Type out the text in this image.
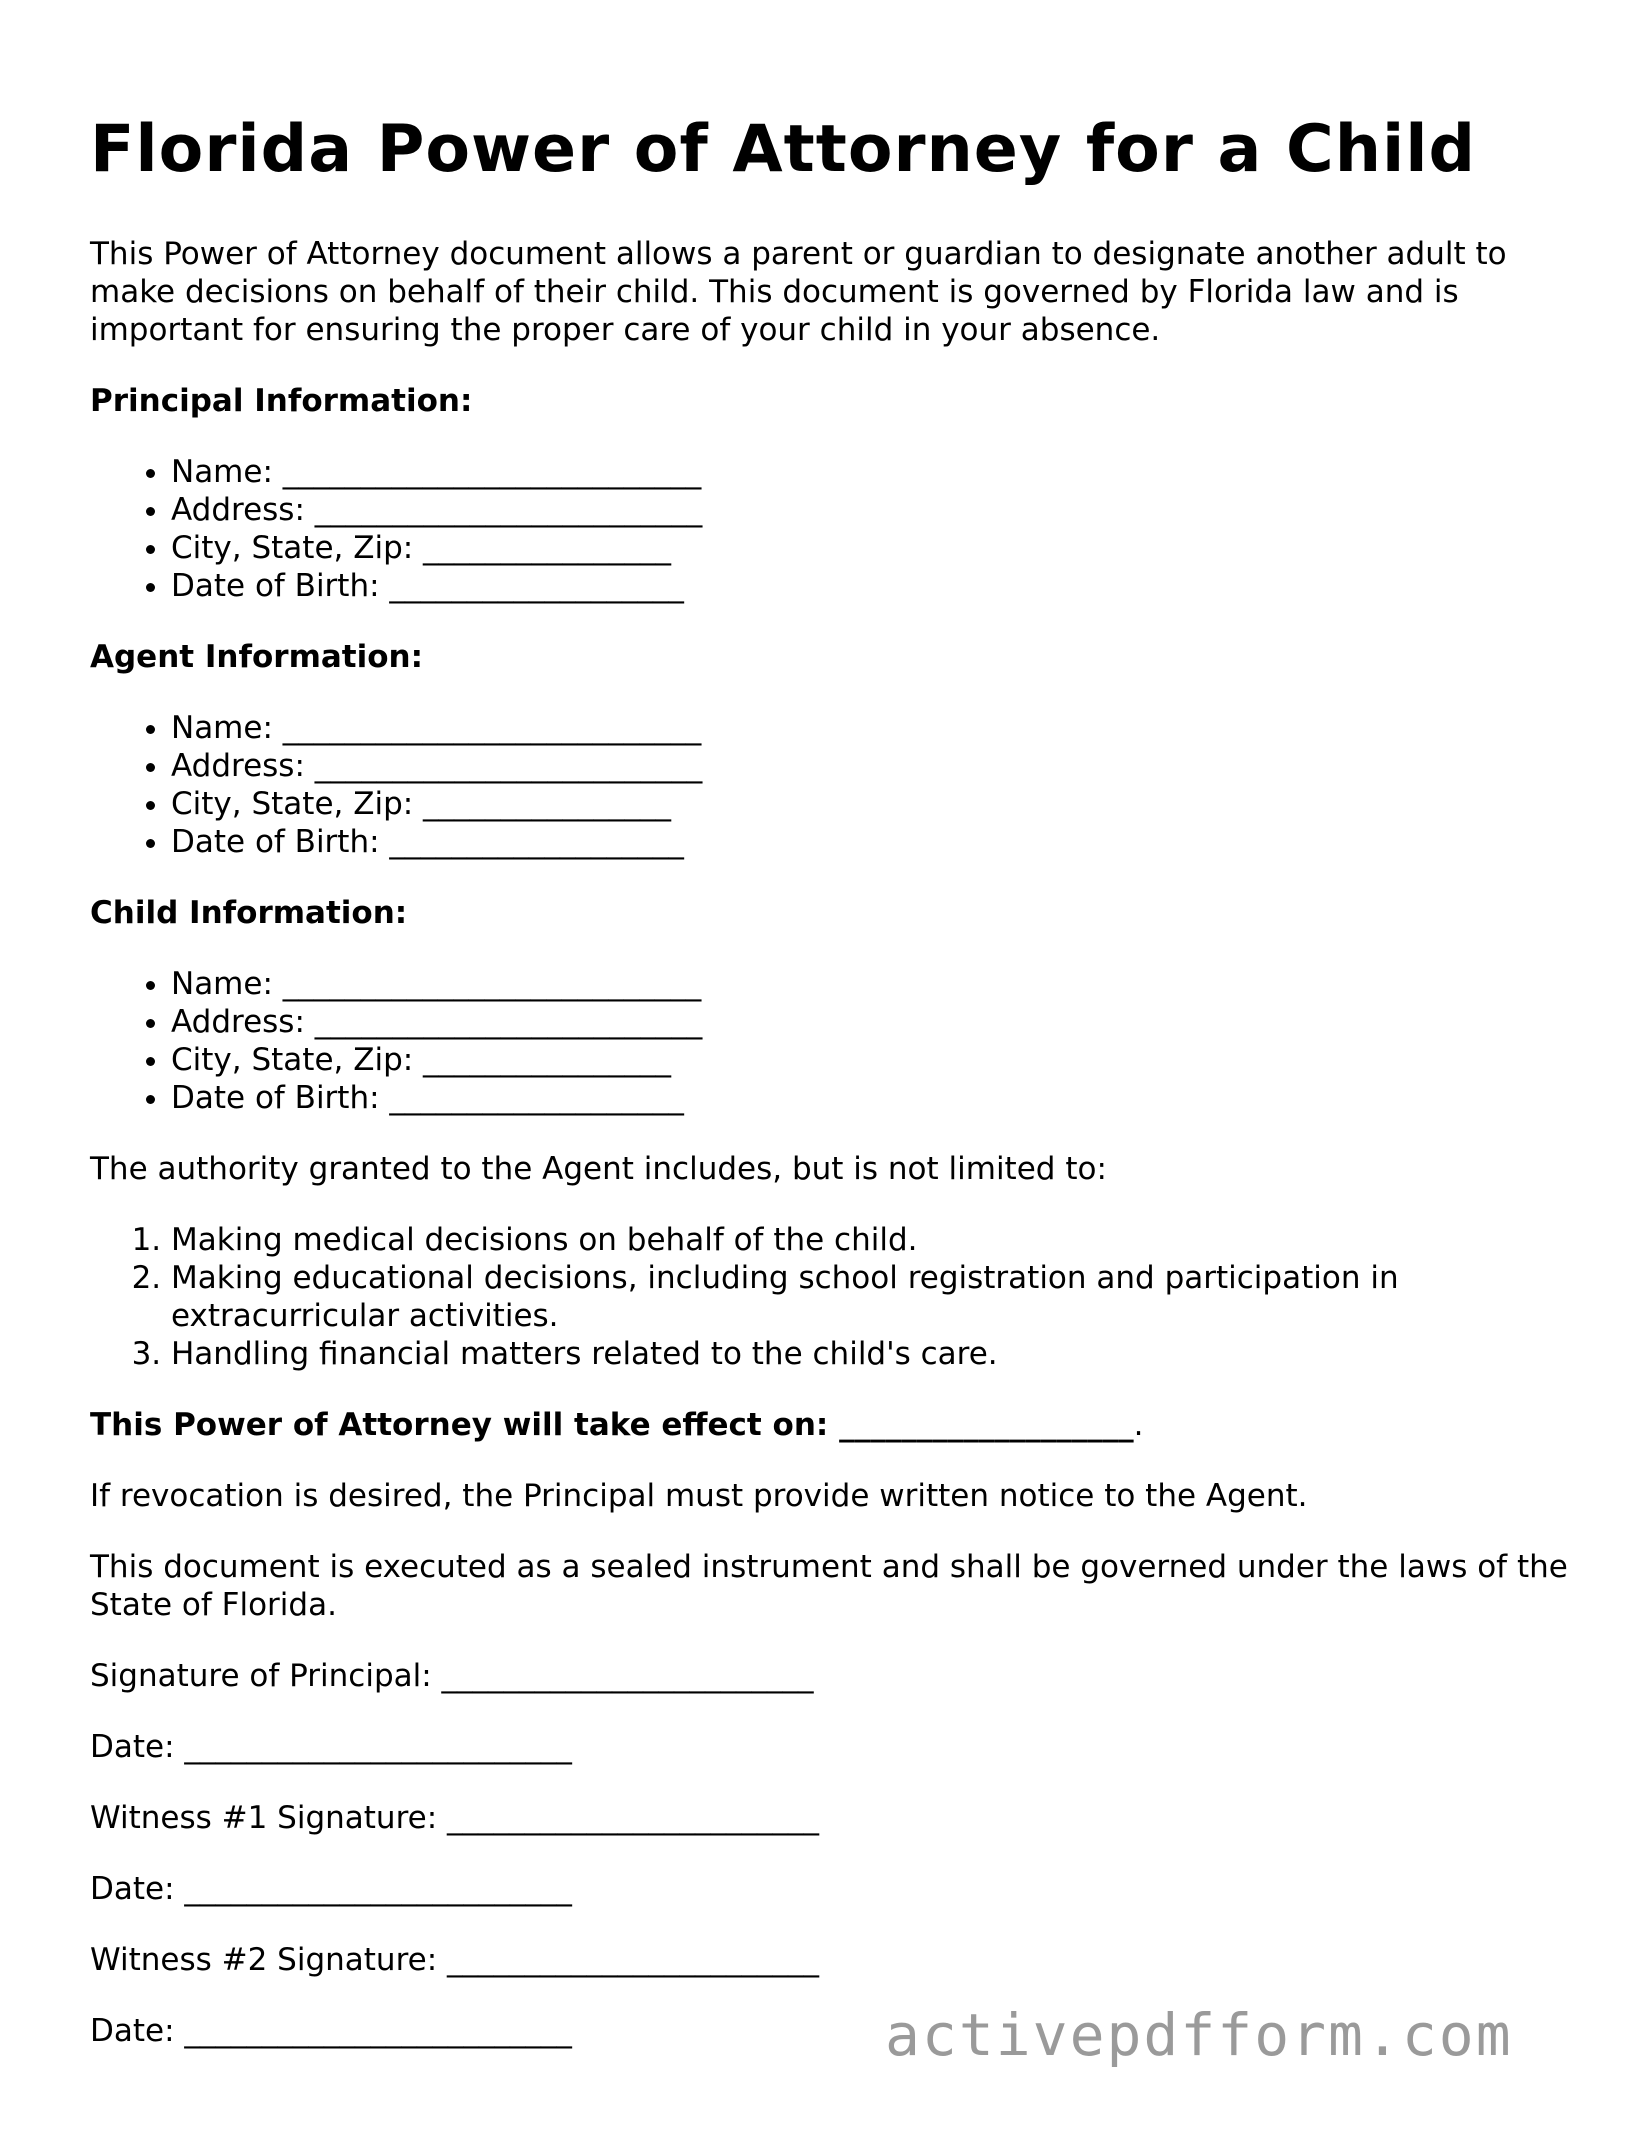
Florida Power of Attorney for a Child

This Power of Attorney document allows a parent or guardian to designate another adult to make decisions on behalf of their child. This document is governed by Florida law and is important for ensuring the proper care of your child in your absence.

Principal Information:

• Name: ___________________________
• Address: _________________________
• City, State, Zip: ________________
• Date of Birth: ___________________

Agent Information:

• Name: ___________________________
• Address: _________________________
• City, State, Zip: ________________
• Date of Birth: ___________________

Child Information:

• Name: ___________________________
• Address: _________________________
• City, State, Zip: ________________
• Date of Birth: ___________________

The authority granted to the Agent includes, but is not limited to:

1. Making medical decisions on behalf of the child.
2. Making educational decisions, including school registration and participation in extracurricular activities.
3. Handling financial matters related to the child's care.

This Power of Attorney will take effect on: ___________________.

If revocation is desired, the Principal must provide written notice to the Agent.

This document is executed as a sealed instrument and shall be governed under the laws of the State of Florida.

Signature of Principal: ________________________

Date: _________________________

Witness #1 Signature: ________________________

Date: _________________________

Witness #2 Signature: ________________________

Date: _________________________	activepdfform.com
